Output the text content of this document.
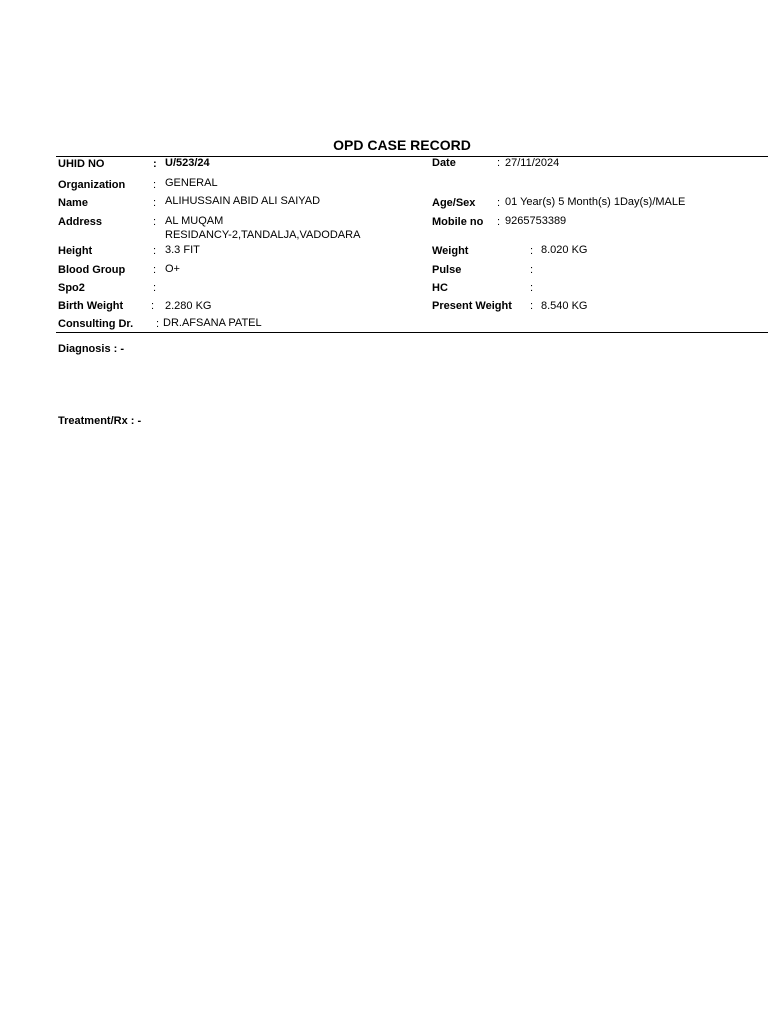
OPD CASE RECORD
UHID NO	: U/523/24	Date	: 27/11/2024
Organization	: GENERAL
Name	: ALIHUSSAIN ABID ALI SAIYAD	Age/Sex : 01 Year(s) 5 Month(s) 1Day(s)/MALE
Address	: AL MUQAM
RESIDANCY-2,TANDALJA,VADODARA
Mobile no : 9265753389
Height	: 3.3 FIT	Weight	: 8.020 KG
Blood Group	: O+	Pulse	:
Spo2	:	HC	:
Birth Weight	: 2.280 KG	Present Weight : 8.540 KG
Consulting Dr. : DR.AFSANA PATEL
Diagnosis : -
Treatment/Rx : -
